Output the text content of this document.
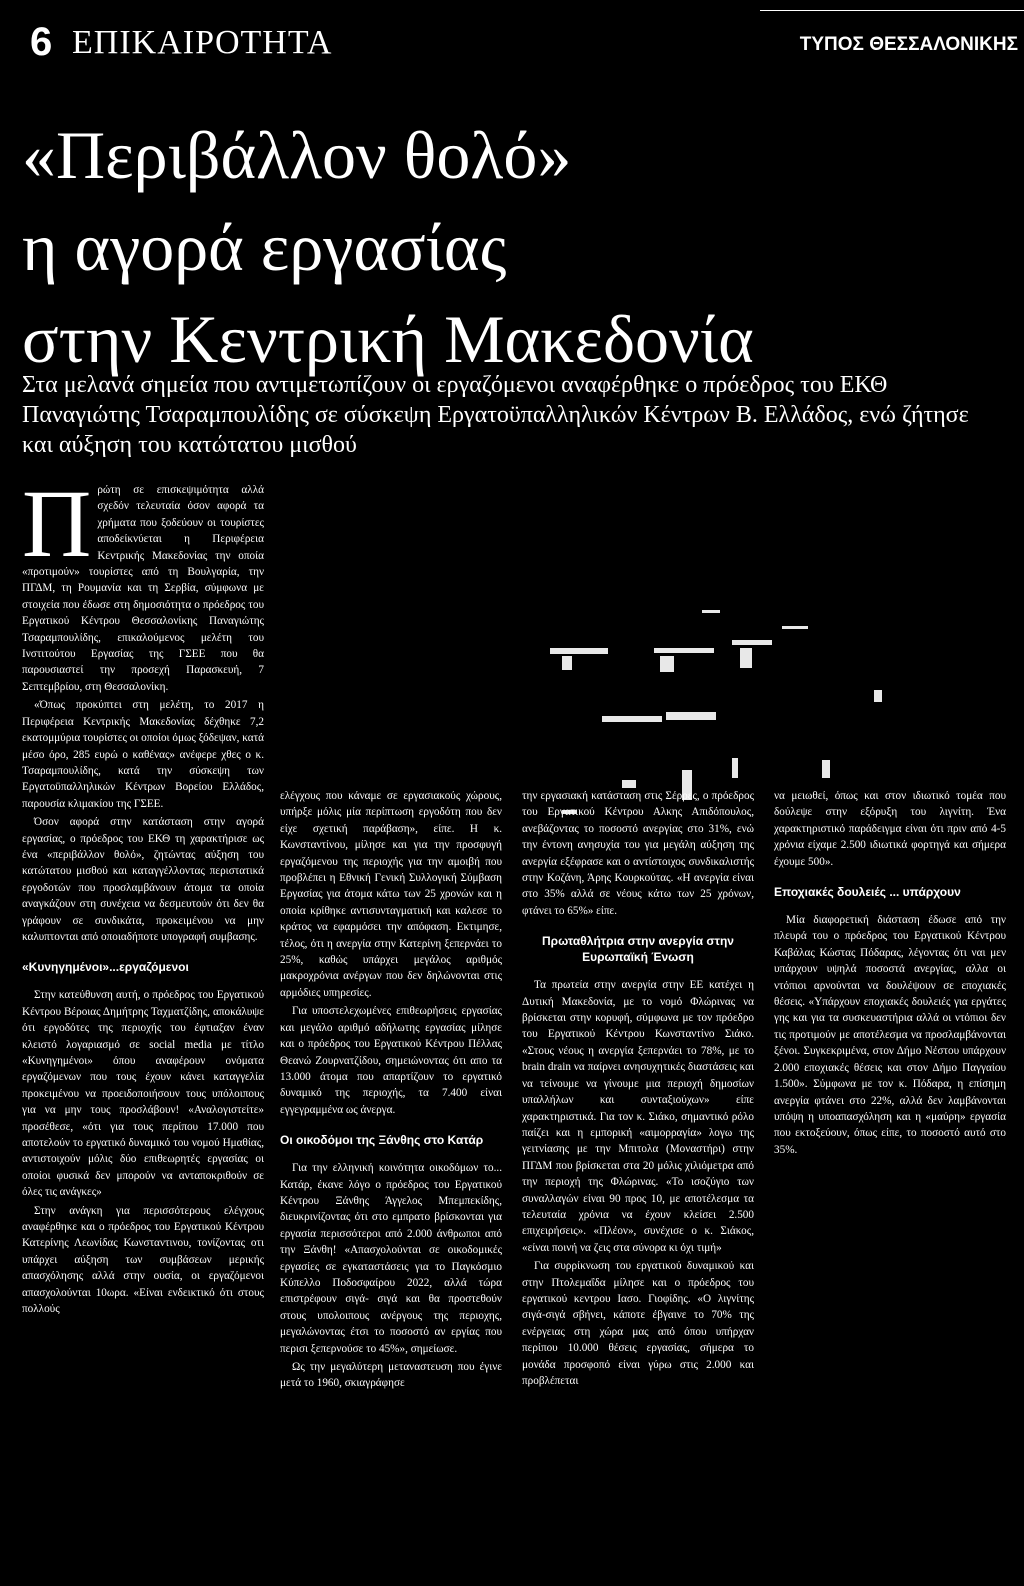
6 ΕΠΙΚΑΙΡΟΤΗΤΑ	ΤΥΠΟΣ ΘΕΣΣΑΛΟΝΙΚΗΣ
«Περιβάλλον θολό»
η αγορά εργασίας
στην Κεντρική Μακεδονία
Στα μελανά σημεία που αντιμετωπίζουν οι εργαζόμενοι αναφέρθηκε ο πρόεδρος του ΕΚΘ Παναγιώτης Τσαραμπουλίδης σε σύσκεψη Εργατοϋπαλληλικών Κέντρων Β. Ελλάδος, ενώ ζήτησε και αύξηση του κατώτατου μισθού
Π ρώτη σε επισκεψιμότητα αλλά σχεδόν τελευταία όσον αφορά τα χρήματα που ξοδεύουν οι τουρίστες αποδείκνύεται η Περιφέρεια Κεντρικής Μακεδονίας την οποία «προτιμούν» τουρίστες από τη Βουλγαρία, την ΠΓΔΜ, τη Ρουμανία και τη Σερβία, σύμφωνα με στοιχεία που έδωσε στη δημοσιότητα ο πρόεδρος του Εργατικού Κέντρου Θεσσαλονίκης Παναγιώτης Τσαραμπουλίδης, επικαλούμενος μελέτη του Ινστιτούτου Εργασίας της ΓΣΕΕ που θα παρουσιαστεί την προσεχή Παρασκευή, 7 Σεπτεμβρίου, στη Θεσσαλονίκη.

«Όπως προκύπτει στη μελέτη, το 2017 η Περιφέρεια Κεντρικής Μακεδονίας δέχθηκε 7,2 εκατομμύρια τουρίστες οι οποίοι όμως ξόδεψαν, κατά μέσο όρο, 285 ευρώ ο καθένας» ανέφερε χθες ο κ. Τσαραμπουλίδης, κατά την σύσκεψη των Εργατοϋπαλληλικών Κέντρων Βορείου Ελλάδος, παρουσία κλιμακίου της ΓΣΕΕ.

Όσον αφορά στην κατάσταση στην αγορά εργασίας, ο πρόεδρος του ΕΚΘ τη χαρακτήρισε ως ένα «περιβάλλον θολό», ζητώντας αύξηση του κατώτατου μισθού και καταγγέλλοντας περιστατικά εργοδοτών που προσλαμβάνουν άτομα τα οποία αναγκάζουν στη συνέχεια να δεσμευτούν ότι δεν θα γράφουν σε συνδικάτα, προκειμένου να μην καλυπτονται από οποιαδήποτε υπογραφή συμβασης.

«Κυνηγημένοι»...εργαζόμενοι

Στην κατεύθυνση αυτή, ο πρόεδρος του Εργατικού Κέντρου Βέροιας Δημήτρης Ταχματζίδης, αποκάλυψε ότι εργοδότες της περιοχής του έφτιαξαν έναν κλειστό λογαριασμό σε social media με τίτλο «Κυνηγημένοι» όπου αναφέρουν ονόματα εργαζόμενων που τους έχουν κάνει καταγγελία προκειμένου να προειδοποιήσουν τους υπόλοιπους για να μην τους προσλάβουν! «Αναλογιστείτε» προσέθεσε, «ότι για τους περίπου 17.000 που αποτελούν το εργατικό δυναμικό του νομού Ημαθίας, αντιστοιχούν μόλις δύο επιθεωρητές εργασίας οι οποίοι φυσικά δεν μπορούν να ανταποκριθούν σε όλες τις ανάγκες»

Στην ανάγκη για περισσότερους ελέγχους αναφέρθηκε και ο πρόεδρος του Εργατικού Κέντρου Κατερίνης Λεωνίδας Κωνσταντινου, τονίζοντας οτι υπάρχει αύξηση των συμβάσεων μερικής απασχόλησης αλλά στην ουσία, οι εργαζόμενοι απασχολούνται 10ωρα. «Είναι ενδεικτικό ότι στους πολλούς

ελέγχους που κάναμε σε εργασιακούς χώρους, υπήρξε μόλις μία περίπτωση εργοδότη που δεν είχε σχετική παράβαση», είπε. Η κ. Κωνσταντίνου, μίλησε και για την προσφυγή εργαζόμενου της περιοχής για την αμοιβή που προβλέπει η Εθνική Γενική Συλλογική Σύμβαση Εργασίας για άτομα κάτω των 25 χρονών και η οποία κρίθηκε αντισυνταγματική και καλεσε το κράτος να εφαρμόσει την απόφαση. Εκτιμησε, τέλος, ότι η ανεργία στην Κατερίνη ξεπερνάει το 25%, καθώς υπάρχει μεγάλος αριθμός μακροχρόνια ανέργων που δεν δηλώνονται στις αρμόδιες υπηρεσίες.

Για υποστελεχωμένες επιθεωρήσεις εργασίας και μεγάλο αριθμό αδήλωτης εργασίας μίλησε και ο πρόεδρος του Εργατικού Κέντρου Πέλλας Θεανώ Ζουρνατζίδου, σημειώνοντας ότι απο τα 13.000 άτομα που απαρτίζουν το εργατικό δυναμικό της περιοχής, τα 7.400 είναι εγγεγραμμένα ως άνεργα.

Οι οικοδόμοι της Ξάνθης στο Κατάρ

Για την ελληνική κοινότητα οικοδόμων το... Κατάρ, έκανε λόγο ο πρόεδρος του Εργατικού Κέντρου Ξάνθης Άγγελος Μπεμπεκίδης, διευκρινίζοντας ότι στο εμπρατο βρίσκονται για εργασία περισσότεροι από 2.000 άνθρωποι από την Ξάνθη! «Απασχολούνται σε οικοδομικές εργασίες σε εγκαταστάσεις για το Παγκόσμιο Κύπελλο Ποδοσφαίρου 2022, αλλά τώρα επιστρέφουν σιγά- σιγά και θα προστεθούν στους υπολοιπους ανέργους της περιοχης, μεγαλώνοντας έτσι το ποσοστό αν εργίας που περισι ξεπερνούσε το 45%», σημείωσε.

Ως την μεγαλύτερη μεταναστευση που έγινε μετά το 1960, σκιαγράφησε

την εργασιακή κατάσταση στις Σέρρες, ο πρόεδρος του Εργατικού Κέντρου Αλκης Απιδόπουλος, ανεβάζοντας το ποσοστό ανεργίας στο 31%, ενώ την έντονη ανησυχία του για μεγάλη αύξηση της ανεργία εξέφρασε και ο αντίστοιχος συνδικαλιστής στην Κοζάνη, Άρης Κουρκούτας. «Η ανεργία είναι στο 35% αλλά σε νέους κάτω των 25 χρόνων, φτάνει το 65%» είπε.

Πρωταθλήτρια στην ανεργία στην Ευρωπαϊκή Ένωση

Τα πρωτεία στην ανεργία στην ΕΕ κατέχει η Δυτική Μακεδονία, με το νομό Φλώρινας να βρίσκεται στην κορυφή, σύμφωνα με τον πρόεδρο του Εργατικού Κέντρου Κωνσταντίνο Σιάκο. «Στους νέους η ανεργία ξεπερνάει το 78%, με το brain drain να παίρνει ανησυχητικές διαστάσεις και να τείνουμε να γίνουμε μια περιοχή δημοσίων υπαλλήλων και συνταξιούχων» είπε χαρακτηριστικά. Για τον κ. Σιάκο, σημαντικό ρόλο παίζει και η εμπορική «αιμορραγία» λογω της γειτνίασης με την Μπιτολα (Μοναστήρι) στην ΠΓΔΜ που βρίσκεται στα 20 μόλις χιλιόμετρα από την περιοχή της Φλώρινας. «Το ισοζύγιο των συναλλαγών είναι 90 προς 10, με αποτέλεσμα τα τελευταία χρόνια να έχουν κλείσει 2.500 επιχειρήσεις». «Πλέον», συνέχισε ο κ. Σιάκος, «είναι ποινή να ζεις στα σύνορα κι όχι τιμή»

Για συρρίκνωση του εργατικού δυναμικού και στην Πτολεμαΐδα μίλησε και ο πρόεδρος του εργατικού κεντρου Ιασο. Γιοφίδης. «Ο λιγνίτης σιγά-σιγά σβήνει, κάποτε έβγαινε το 70% της ενέργειας στη χώρα μας από όπου υπήρχαν περίπου 10.000 θέσεις εργασίας, σήμερα το μονάδα προσφοπό είναι γύρω στις 2.000 και προβλέπεται

να μειωθεί, όπως και στον ιδιωτικό τομέα που δούλεψε στην εξόρυξη του λιγνίτη. Ένα χαρακτηριστικό παράδειγμα είναι ότι πριν από 4-5 χρόνια είχαμε 2.500 ιδιωτικά φορτηγά και σήμερα έχουμε 500».

Εποχιακές δουλειές ... υπάρχουν

Μία διαφορετική διάσταση έδωσε από την πλευρά του ο πρόεδρος του Εργατικού Κέντρου Καβάλας Κώστας Πόδαρας, λέγοντας ότι ναι μεν υπάρχουν υψηλά ποσοστά ανεργίας, αλλα οι ντόπιοι αρνούνται να δουλέψουν σε εποχιακές θέσεις. «Υπάρχουν εποχιακές δουλειές για εργάτες γης και για τα συσκευαστήρια αλλά οι ντόπιοι δεν τις προτιμούν με αποτέλεσμα να προσλαμβάνονται ξένοι. Συγκεκριμένα, στον Δήμο Νέστου υπάρχουν 2.000 εποχιακές θέσεις και στον Δήμο Παγγαίου 1.500». Σύμφωνα με τον κ. Πόδαρα, η επίσημη ανεργία φτάνει στο 22%, αλλά δεν λαμβάνονται υπόψη η υποαπασχόληση και η «μαύρη» εργασία που εκτοξεύουν, όπως είπε, το ποσοστό αυτό στο 35%.
